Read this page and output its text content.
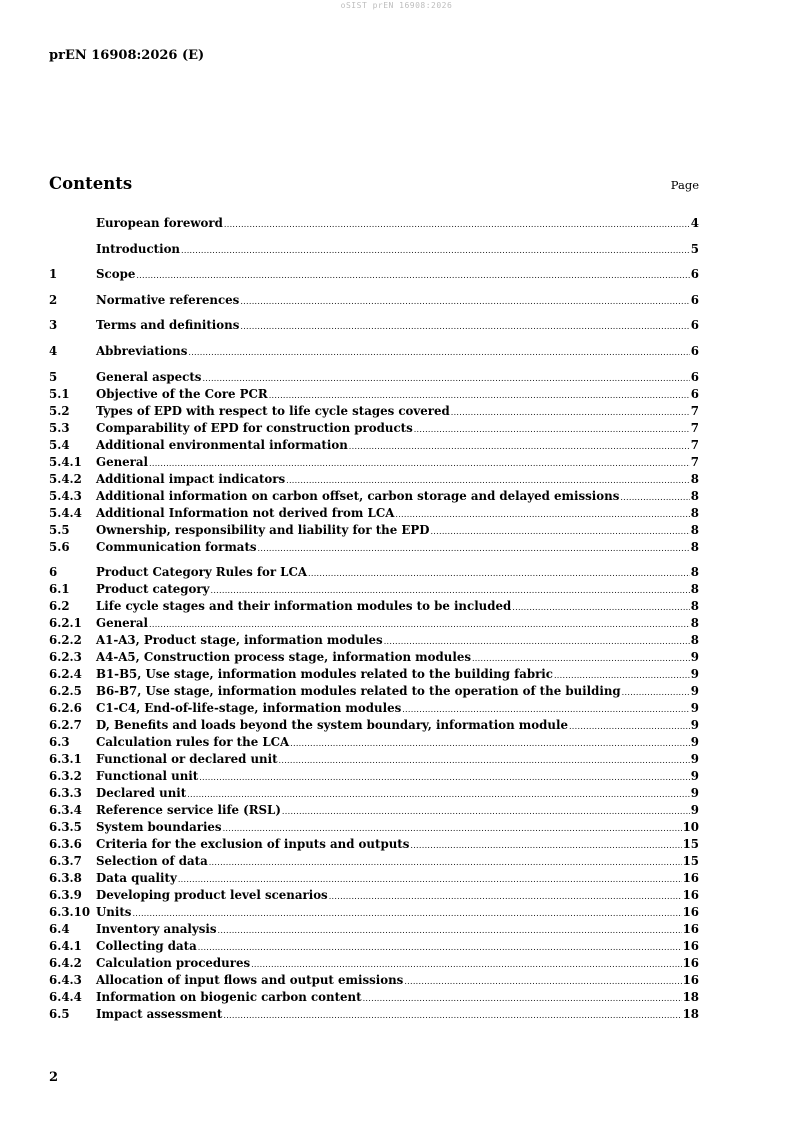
oSIST prEN 16908:2026
prEN 16908:2026 (E)
Contents	Page
European foreword .....	4
Introduction .....	5
1	Scope .....	6
2	Normative references .....	6
3	Terms and definitions .....	6
4	Abbreviations .....	6
5	General aspects .....	6
5.1	Objective of the Core PCR .....	6
5.2	Types of EPD with respect to life cycle stages covered .....	7
5.3	Comparability of EPD for construction products .....	7
5.4	Additional environmental information .....	7
5.4.1	General .....	7
5.4.2	Additional impact indicators .....	8
5.4.3	Additional information on carbon offset, carbon storage and delayed emissions .....	8
5.4.4	Additional Information not derived from LCA .....	8
5.5	Ownership, responsibility and liability for the EPD .....	8
5.6	Communication formats .....	8
6	Product Category Rules for LCA .....	8
6.1	Product category .....	8
6.2	Life cycle stages and their information modules to be included .....	8
6.2.1	General .....	8
6.2.2	A1-A3, Product stage, information modules .....	8
6.2.3	A4-A5, Construction process stage, information modules .....	9
6.2.4	B1-B5, Use stage, information modules related to the building fabric .....	9
6.2.5	B6-B7, Use stage, information modules related to the operation of the building .....	9
6.2.6	C1-C4, End-of-life-stage, information modules .....	9
6.2.7	D, Benefits and loads beyond the system boundary, information module .....	9
6.3	Calculation rules for the LCA .....	9
6.3.1	Functional or declared unit .....	9
6.3.2	Functional unit .....	9
6.3.3	Declared unit .....	9
6.3.4	Reference service life (RSL) .....	9
6.3.5	System boundaries .....	10
6.3.6	Criteria for the exclusion of inputs and outputs .....	15
6.3.7	Selection of data .....	15
6.3.8	Data quality .....	16
6.3.9	Developing product level scenarios .....	16
6.3.10 Units .....	16
6.4	Inventory analysis .....	16
6.4.1	Collecting data .....	16
6.4.2	Calculation procedures .....	16
6.4.3	Allocation of input flows and output emissions .....	16
6.4.4	Information on biogenic carbon content .....	18
6.5	Impact assessment .....	18
2
